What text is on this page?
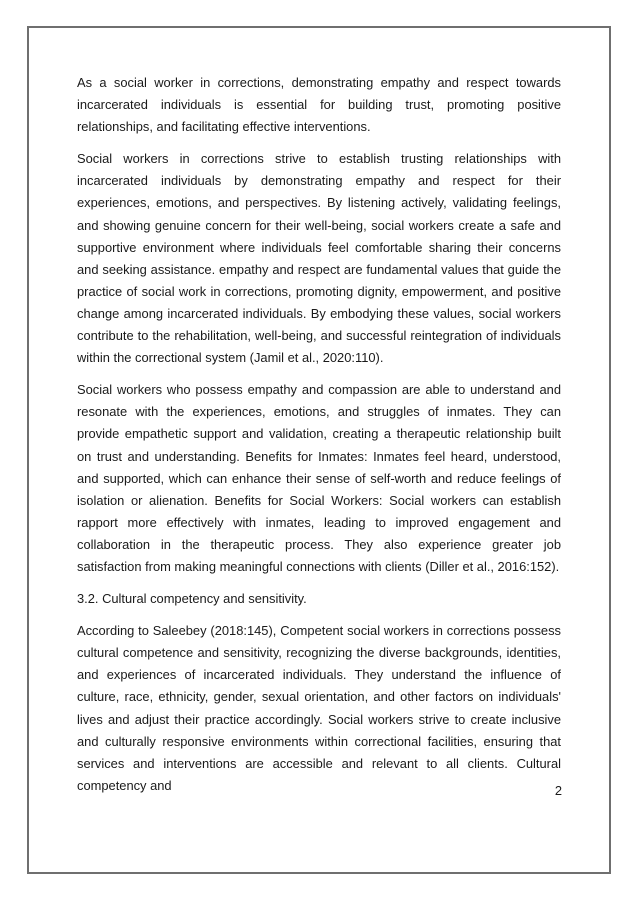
As a social worker in corrections, demonstrating empathy and respect towards incarcerated individuals is essential for building trust, promoting positive relationships, and facilitating effective interventions.

Social workers in corrections strive to establish trusting relationships with incarcerated individuals by demonstrating empathy and respect for their experiences, emotions, and perspectives. By listening actively, validating feelings, and showing genuine concern for their well-being, social workers create a safe and supportive environment where individuals feel comfortable sharing their concerns and seeking assistance. empathy and respect are fundamental values that guide the practice of social work in corrections, promoting dignity, empowerment, and positive change among incarcerated individuals. By embodying these values, social workers contribute to the rehabilitation, well-being, and successful reintegration of individuals within the correctional system (Jamil et al., 2020:110).

Social workers who possess empathy and compassion are able to understand and resonate with the experiences, emotions, and struggles of inmates. They can provide empathetic support and validation, creating a therapeutic relationship built on trust and understanding. Benefits for Inmates: Inmates feel heard, understood, and supported, which can enhance their sense of self-worth and reduce feelings of isolation or alienation. Benefits for Social Workers: Social workers can establish rapport more effectively with inmates, leading to improved engagement and collaboration in the therapeutic process. They also experience greater job satisfaction from making meaningful connections with clients (Diller et al., 2016:152).

3.2. Cultural competency and sensitivity.

According to Saleebey (2018:145), Competent social workers in corrections possess cultural competence and sensitivity, recognizing the diverse backgrounds, identities, and experiences of incarcerated individuals. They understand the influence of culture, race, ethnicity, gender, sexual orientation, and other factors on individuals' lives and adjust their practice accordingly. Social workers strive to create inclusive and culturally responsive environments within correctional facilities, ensuring that services and interventions are accessible and relevant to all clients. Cultural competency and	2
